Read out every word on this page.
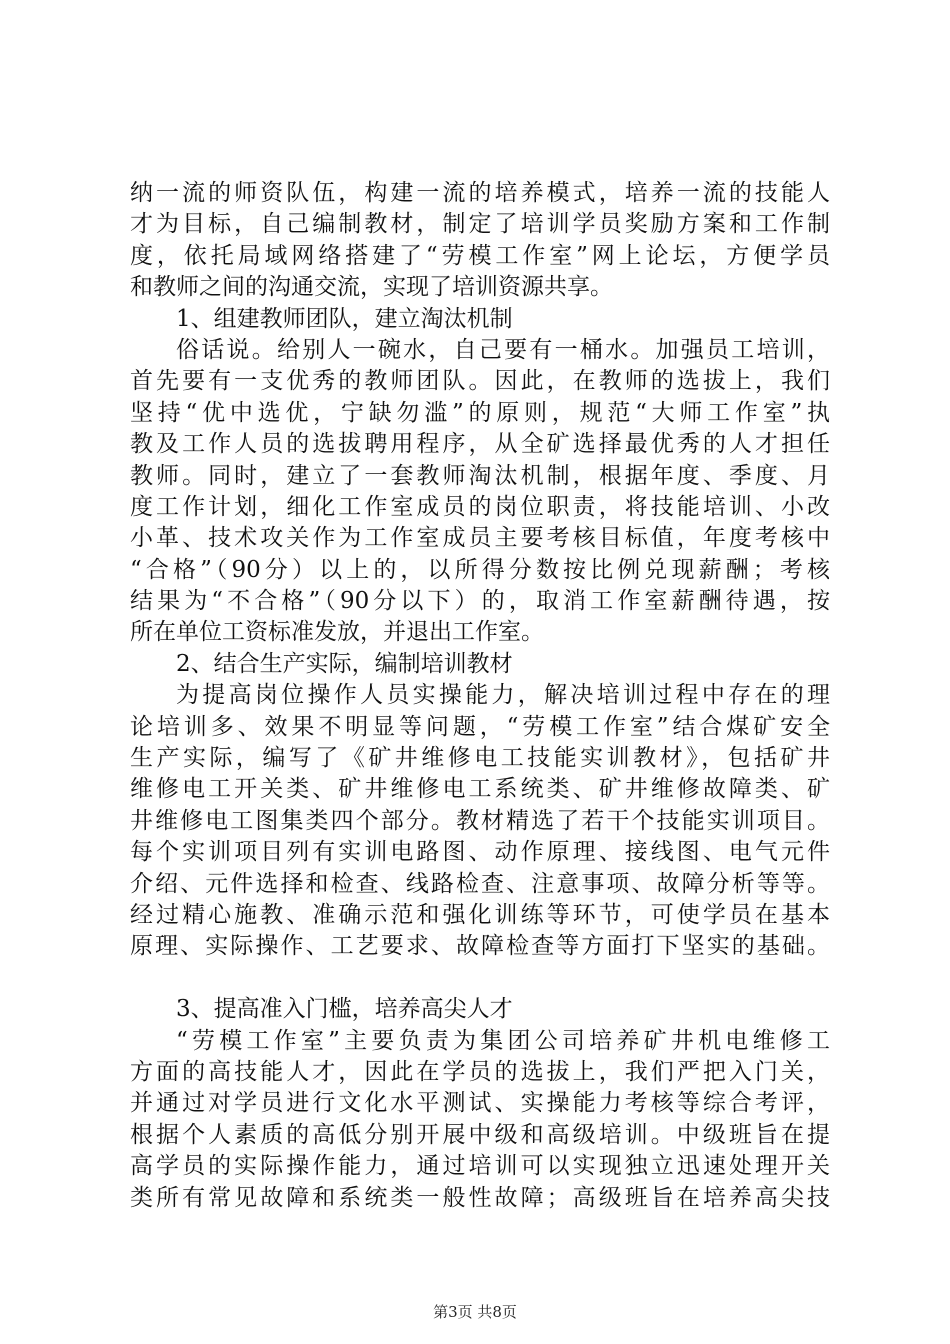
纳一流的师资队伍，构建一流的培养模式，培养一流的技能人
才为目标，自己编制教材，制定了培训学员奖励方案和工作制
度，依托局域网络搭建了“劳模工作室”网上论坛，方便学员
和教师之间的沟通交流，实现了培训资源共享。
1、组建教师团队，建立淘汰机制
俗话说。给别人一碗水，自己要有一桶水。加强员工培训，
首先要有一支优秀的教师团队。因此，在教师的选拔上，我们
坚持“优中选优，宁缺勿滥”的原则，规范“大师工作室”执
教及工作人员的选拔聘用程序，从全矿选择最优秀的人才担任
教师。同时，建立了一套教师淘汰机制，根据年度、季度、月
度工作计划，细化工作室成员的岗位职责，将技能培训、小改
小革、技术攻关作为工作室成员主要考核目标值，年度考核中
“合格”（90分）以上的，以所得分数按比例兑现薪酬；考核
结果为“不合格”（90分以下）的，取消工作室薪酬待遇，按
所在单位工资标准发放，并退出工作室。
2、结合生产实际，编制培训教材
为提高岗位操作人员实操能力，解决培训过程中存在的理
论培训多、效果不明显等问题，“劳模工作室”结合煤矿安全
生产实际，编写了《矿井维修电工技能实训教材》，包括矿井
维修电工开关类、矿井维修电工系统类、矿井维修故障类、矿
井维修电工图集类四个部分。教材精选了若干个技能实训项目。
每个实训项目列有实训电路图、动作原理、接线图、电气元件
介绍、元件选择和检查、线路检查、注意事项、故障分析等等。
经过精心施教、准确示范和强化训练等环节，可使学员在基本
原理、实际操作、工艺要求、故障检查等方面打下坚实的基础。
3、提高准入门槛，培养高尖人才
“劳模工作室”主要负责为集团公司培养矿井机电维修工
方面的高技能人才，因此在学员的选拔上，我们严把入门关，
并通过对学员进行文化水平测试、实操能力考核等综合考评，
根据个人素质的高低分别开展中级和高级培训。中级班旨在提
高学员的实际操作能力，通过培训可以实现独立迅速处理开关
类所有常见故障和系统类一般性故障；高级班旨在培养高尖技
第3页 共8页
